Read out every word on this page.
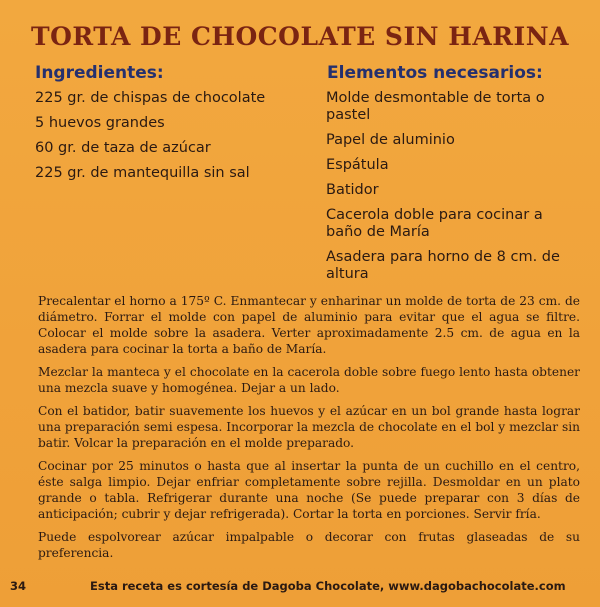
TORTA DE CHOCOLATE SIN HARINA
Ingredientes:	Elementos necesarios:
225 gr. de chispas de chocolate
5 huevos grandes
60 gr. de taza de azúcar
225 gr. de mantequilla sin sal
Molde desmontable de torta o pastel
Papel de aluminio
Espátula
Batidor
Cacerola doble para cocinar a baño de María
Asadera para horno de 8 cm. de altura

Precalentar el horno a 175º C. Enmantecar y enharinar un molde de torta de 23 cm. de diámetro. Forrar el molde con papel de aluminio para evitar que el agua se filtre. Colocar el molde sobre la asadera. Verter aproximadamente 2.5 cm. de agua en la asadera para cocinar la torta a baño de María.

Mezclar la manteca y el chocolate en la cacerola doble sobre fuego lento hasta obtener una mezcla suave y homogénea. Dejar a un lado.

Con el batidor, batir suavemente los huevos y el azúcar en un bol grande hasta lograr una preparación semi espesa. Incorporar la mezcla de chocolate en el bol y mezclar sin batir. Volcar la preparación en el molde preparado.

Cocinar por 25 minutos o hasta que al insertar la punta de un cuchillo en el centro, éste salga limpio. Dejar enfriar completamente sobre rejilla. Desmoldar en un plato grande o tabla. Refrigerar durante una noche (Se puede preparar con 3 días de anticipación; cubrir y dejar refrigerada). Cortar la torta en porciones. Servir fría.

Puede espolvorear azúcar impalpable o decorar con frutas glaseadas de su preferencia.

34	Esta receta es cortesía de Dagoba Chocolate, www.dagobachocolate.com
